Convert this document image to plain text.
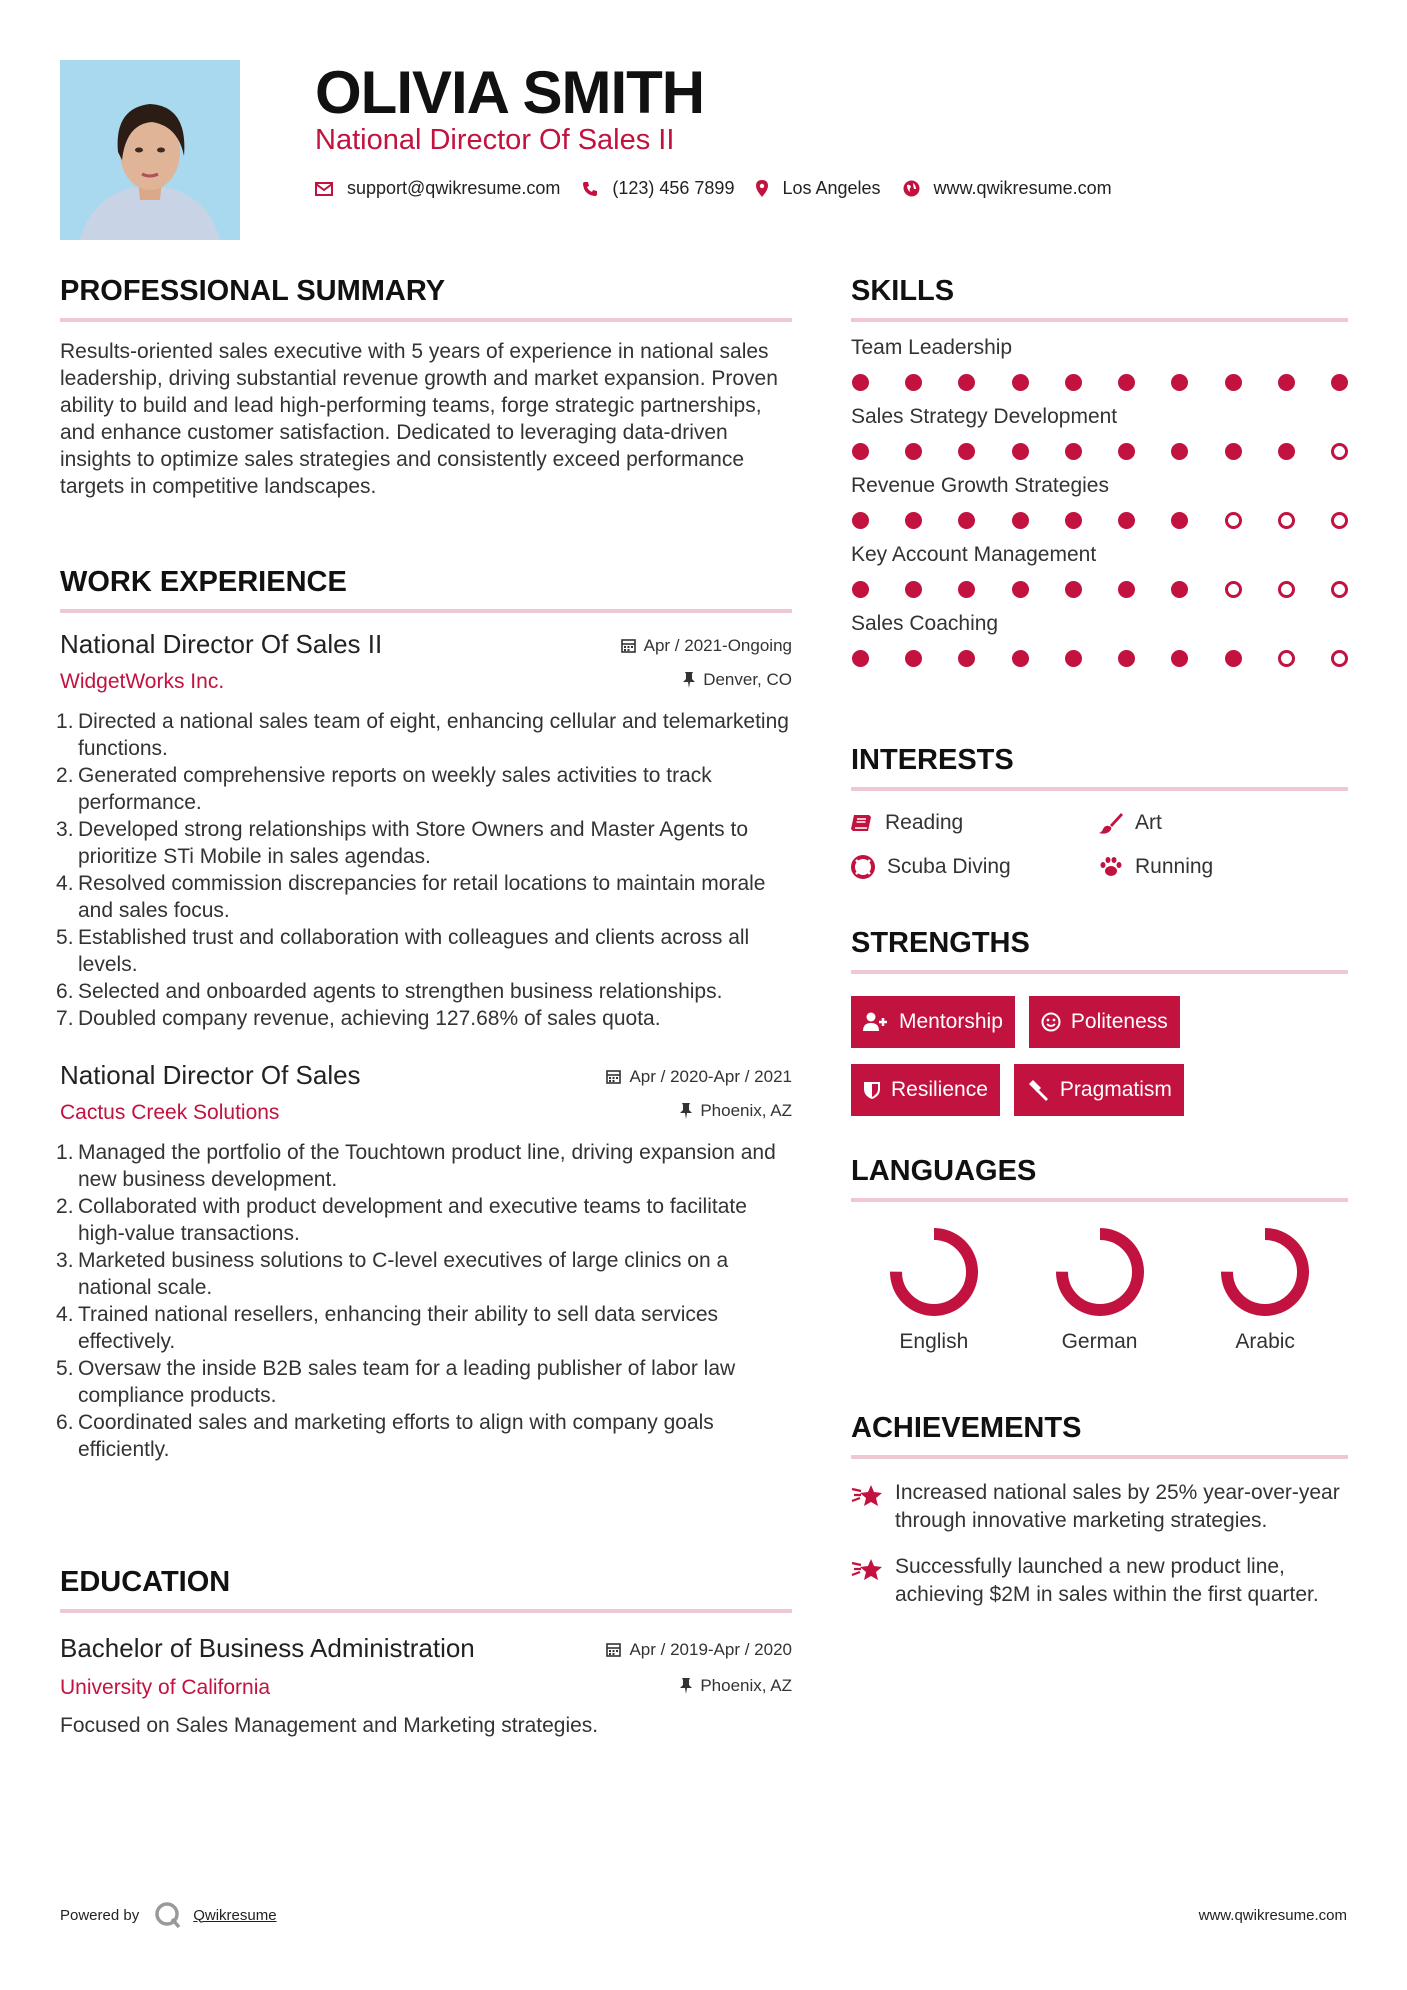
OLIVIA SMITH
National Director Of Sales II
support@qwikresume.com	(123) 456 7899	Los Angeles	www.qwikresume.com
PROFESSIONAL SUMMARY

Results-oriented sales executive with 5 years of experience in national sales leadership, driving substantial revenue growth and market expansion. Proven ability to build and lead high-performing teams, forge strategic partnerships, and enhance customer satisfaction. Dedicated to leveraging data-driven insights to optimize sales strategies and consistently exceed performance targets in competitive landscapes.

WORK EXPERIENCE
National Director Of Sales II	Apr / 2021-Ongoing
WidgetWorks Inc.	Denver, CO
Directed a national sales team of eight, enhancing cellular and telemarketing functions.
Generated comprehensive reports on weekly sales activities to track performance.
Developed strong relationships with Store Owners and Master Agents to prioritize STi Mobile in sales agendas.
Resolved commission discrepancies for retail locations to maintain morale and sales focus.
Established trust and collaboration with colleagues and clients across all levels.
Selected and onboarded agents to strengthen business relationships.
Doubled company revenue, achieving 127.68% of sales quota.
National Director Of Sales	Apr / 2020-Apr / 2021
Cactus Creek Solutions	Phoenix, AZ
Managed the portfolio of the Touchtown product line, driving expansion and new business development.
Collaborated with product development and executive teams to facilitate high-value transactions.
Marketed business solutions to C-level executives of large clinics on a national scale.
Trained national resellers, enhancing their ability to sell data services effectively.
Oversaw the inside B2B sales team for a leading publisher of labor law compliance products.
Coordinated sales and marketing efforts to align with company goals efficiently.
EDUCATION
Bachelor of Business Administration	Apr / 2019-Apr / 2020
University of California	Phoenix, AZ

Focused on Sales Management and Marketing strategies.

SKILLS
Team Leadership
Sales Strategy Development
Revenue Growth Strategies
Key Account Management
Sales Coaching
INTERESTS
Reading	Art
Scuba Diving	Running
STRENGTHS
Mentorship	Politeness
Resilience	Pragmatism
LANGUAGES
English	German	Arabic
ACHIEVEMENTS
Increased national sales by 25% year-over-year through innovative marketing strategies.
Successfully launched a new product line, achieving $2M in sales within the first quarter.
Powered by	Qwikresume	www.qwikresume.com
